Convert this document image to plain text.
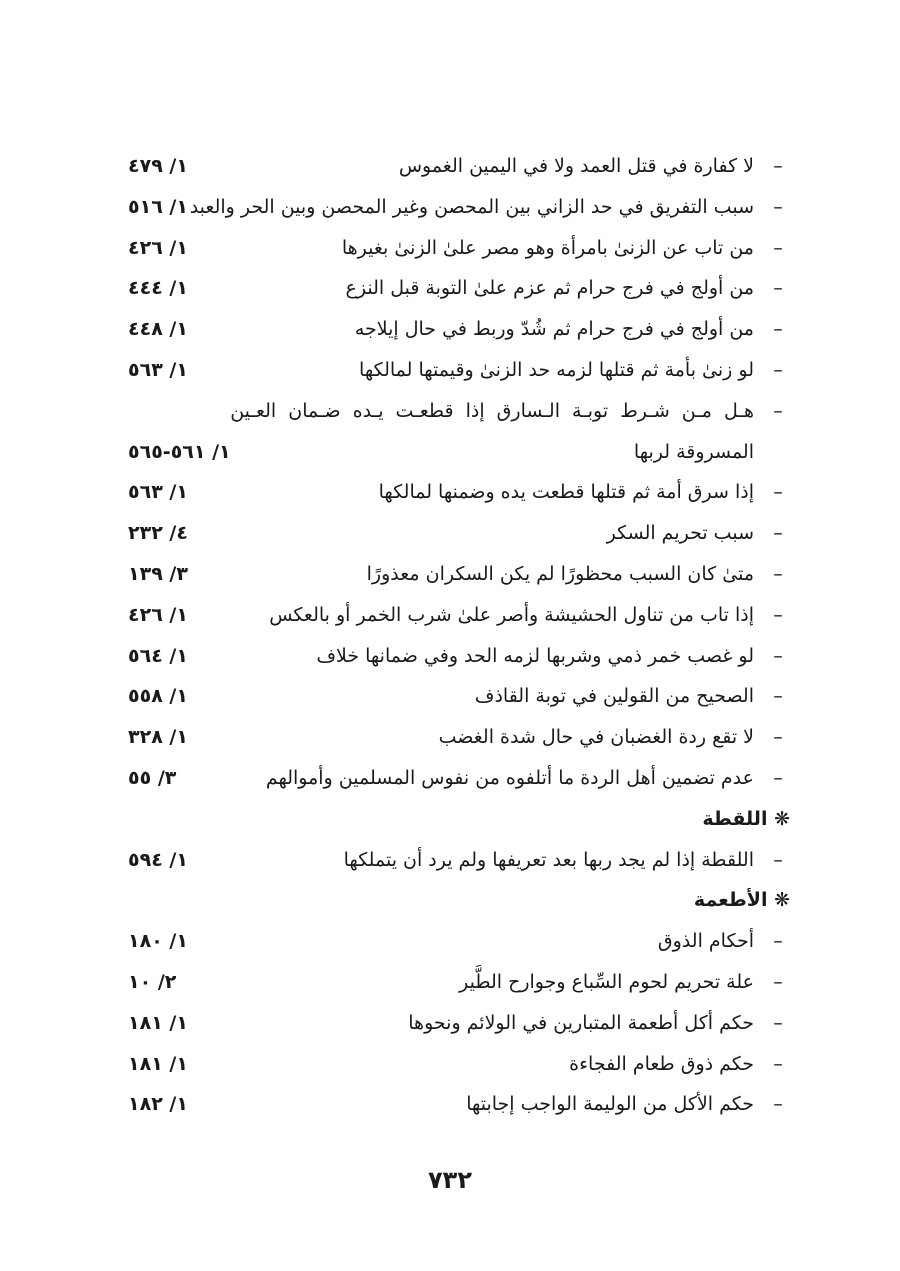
–
لا كفارة في قتل العمد ولا في اليمين الغموس
١/ ٤٧٩
–
سبب التفريق في حد الزاني بين المحصن وغير المحصن وبين الحر والعبد
١/ ٥١٦
–
من تاب عن الزنىٰ بامرأة وهو مصر علىٰ الزنىٰ بغيرها
١/ ٤٢٦
–
من أولج في فرج حرام ثم عزم علىٰ التوبة قبل النزع
١/ ٤٤٤
–
من أولج في فرج حرام ثم شُدّ وربط في حال إيلاجه
١/ ٤٤٨
–
لو زنىٰ بأمة ثم قتلها لزمه حد الزنىٰ وقيمتها لمالكها
١/ ٥٦٣
–
هـل مـن شـرط توبـة الـسارق إذا قطعـت يـده ضـمان العـين
المسروقة لربها
١/ ٥٦١-٥٦٥
–
إذا سرق أمة ثم قتلها قطعت يده وضمنها لمالكها
١/ ٥٦٣
–
سبب تحريم السكر
٤/ ٢٣٢
–
متىٰ كان السبب محظورًا لم يكن السكران معذورًا
٣/ ١٣٩
–
إذا تاب من تناول الحشيشة وأصر علىٰ شرب الخمر أو بالعكس
١/ ٤٢٦
–
لو غصب خمر ذمي وشربها لزمه الحد وفي ضمانها خلاف
١/ ٥٦٤
–
الصحيح من القولين في توبة القاذف
١/ ٥٥٨
–
لا تقع ردة الغضبان في حال شدة الغضب
١/ ٣٢٨
–
عدم تضمين أهل الردة ما أتلفوه من نفوس المسلمين وأموالهم
٣/ ٥٥
❋ اللقطة
–
اللقطة إذا لم يجد ربها بعد تعريفها ولم يرد أن يتملكها
١/ ٥٩٤
❋ الأطعمة
–
أحكام الذوق
١/ ١٨٠
–
علة تحريم لحوم السِّباع وجوارح الطَّير
٢/ ١٠
–
حكم أكل أطعمة المتبارين في الولائم ونحوها
١/ ١٨١
–
حكم ذوق طعام الفجاءة
١/ ١٨١
–
حكم الأكل من الوليمة الواجب إجابتها
١/ ١٨٢
٧٣٢
